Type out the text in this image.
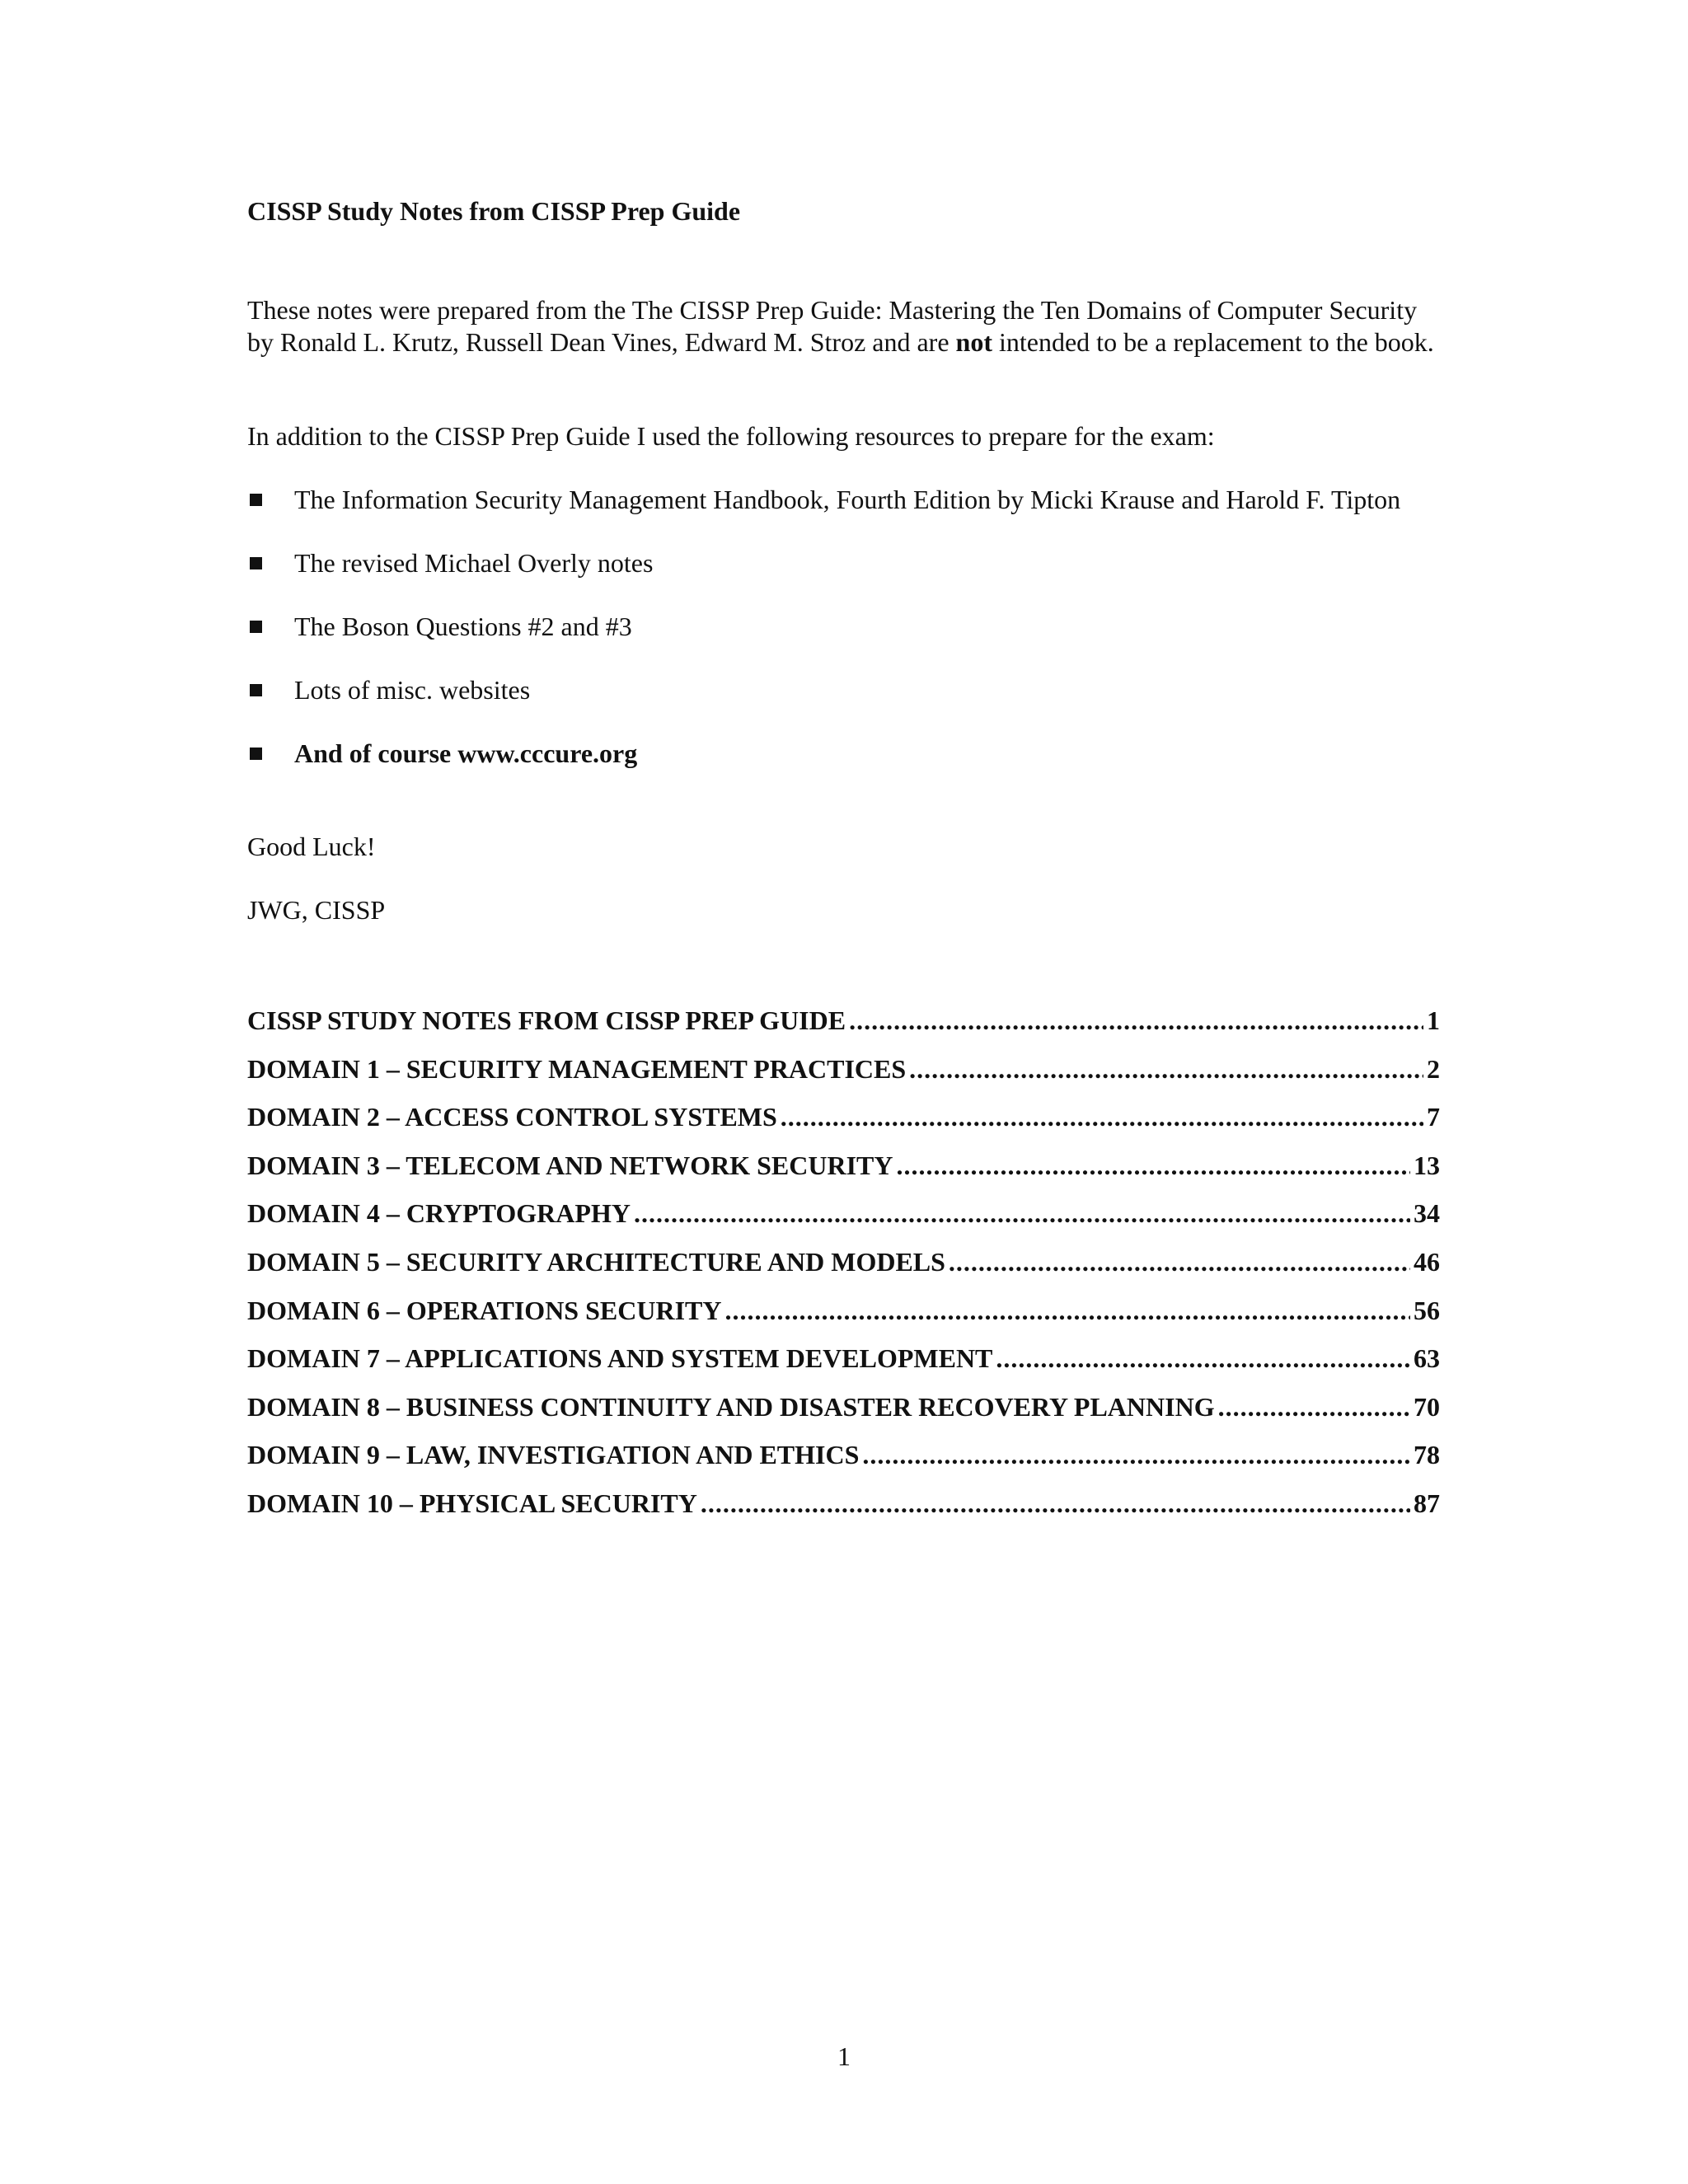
CISSP Study Notes from CISSP Prep Guide
These notes were prepared from the The CISSP Prep Guide: Mastering the Ten Domains of Computer Security by Ronald L. Krutz, Russell Dean Vines, Edward M. Stroz and are not intended to be a replacement to the book.
In addition to the CISSP Prep Guide I used the following resources to prepare for the exam:
The Information Security Management Handbook, Fourth Edition by Micki Krause and Harold F. Tipton
The revised Michael Overly notes
The Boson Questions #2 and #3
Lots of misc. websites
And of course www.cccure.org
Good Luck!
JWG, CISSP
CISSP STUDY NOTES FROM CISSP PREP GUIDE .....	1
DOMAIN 1 – SECURITY MANAGEMENT PRACTICES .....	2
DOMAIN 2 – ACCESS CONTROL SYSTEMS .....	7
DOMAIN 3 – TELECOM AND NETWORK SECURITY .....	13
DOMAIN 4 – CRYPTOGRAPHY .....	34
DOMAIN 5 – SECURITY ARCHITECTURE AND MODELS .....	46
DOMAIN 6 – OPERATIONS SECURITY .....	56
DOMAIN 7 – APPLICATIONS AND SYSTEM DEVELOPMENT .....	63
DOMAIN 8 – BUSINESS CONTINUITY AND DISASTER RECOVERY PLANNING .....	70
DOMAIN 9 – LAW, INVESTIGATION AND ETHICS .....	78
DOMAIN 10 – PHYSICAL SECURITY .....	87
1
